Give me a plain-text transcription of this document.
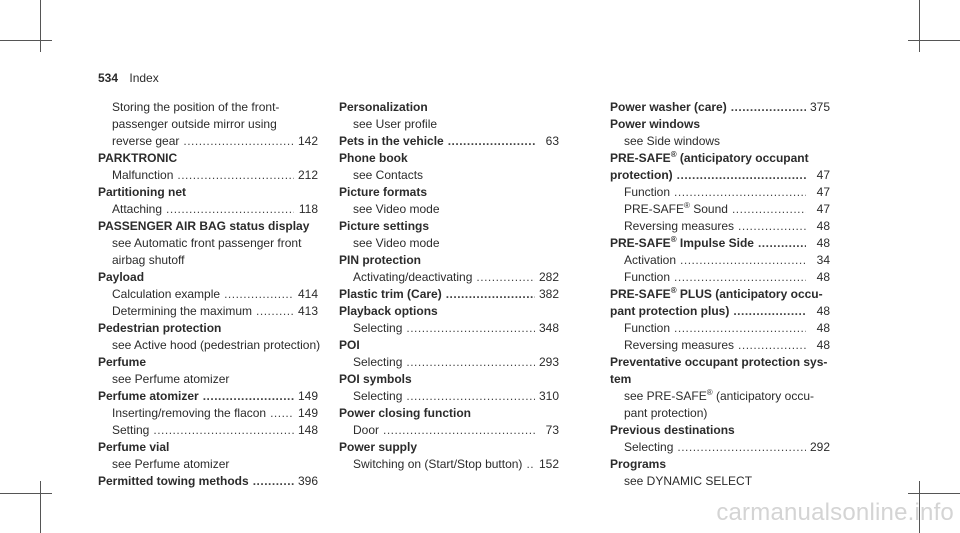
534 Index
Storing the position of the front-
passenger outside mirror using
reverse gear .....	142
PARKTRONIC
Malfunction .....	212
Partitioning net
Attaching .....	118
PASSENGER AIR BAG status display
see Automatic front passenger front
airbag shutoff
Payload
Calculation example .....	414
Determining the maximum .....	413
Pedestrian protection
see Active hood (pedestrian protection)
Perfume
see Perfume atomizer
Perfume atomizer .....	149
Inserting/removing the flacon .....	149
Setting .....	148
Perfume vial
see Perfume atomizer
Permitted towing methods .....	396
Personalization
see User profile
Pets in the vehicle .....	63
Phone book
see Contacts
Picture formats
see Video mode
Picture settings
see Video mode
PIN protection
Activating/deactivating .....	282
Plastic trim (Care) .....	382
Playback options
Selecting .....	348
POI
Selecting .....	293
POI symbols
Selecting .....	310
Power closing function
Door .....	73
Power supply
Switching on (Start/Stop button) ..... 152
Power washer (care) .....	375
Power windows
see Side windows
PRE-SAFE® (anticipatory occupant
protection) .....	47
Function .....	47
PRE-SAFE® Sound .....	47
Reversing measures .....	48
PRE-SAFE® Impulse Side .....	48
Activation .....	34
Function .....	48
PRE-SAFE® PLUS (anticipatory occu-
pant protection plus) .....	48
Function .....	48
Reversing measures .....	48
Preventative occupant protection sys-
tem
see PRE-SAFE® (anticipatory occu-
pant protection)
Previous destinations
Selecting .....	292
Programs
see DYNAMIC SELECT
carmanualsonline.info
